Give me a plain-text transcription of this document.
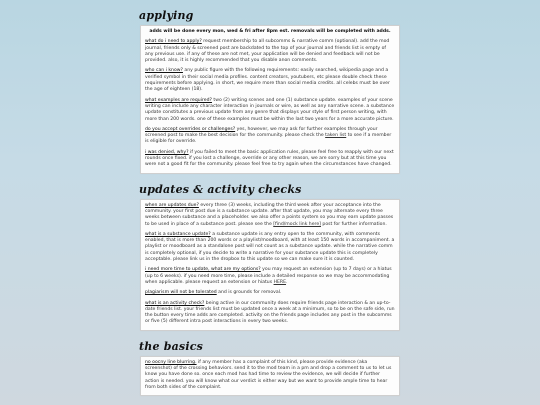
applying

adds will be done every mon, wed & fri after 8pm est. removals will be completed with adds.

what do i need to apply? request membership to all subcomms & narrative comm (optional). add the mod journal, friends only & screened post are backdated to the top of your journal and friends list is empty of any previous use. if any of these are not met, your application will be denied and feedback will not be provided. also, it is highly recommended that you disable anon comments.

who can i know? any public figure with the following requirements: easily searched, wikipedia page and a verified symbol in their social media profiles. content creators, youtubers, etc please double check these requirements before applying. in short, we require more than social media credits. all celebs must be over the age of eighteen (18).

what examples are required? two (2) writing scenes and one (1) substance update. examples of your scene writing can include any character interaction in journals or wire, as well as any narrative scene. a substance update constitutes a previous update from any genre that displays your style of first person writing, with more than 200 words. one of these examples must be within the last two years for a more accurate picture.

do you accept overrides or challenges? yes, however, we may ask for further examples through your screened post to make the best decision for the community. please check the taken list to see if a member is eligible for override.

i was denied, why? if you failed to meet the basic application rules, please feel free to reapply with our next rounds once fixed. if you lost a challenge, override or any other reason, we are sorry but at this time you were not a good fit for the community. please feel free to try again when the circumstances have changed.

updates & activity checks

when are updates due? every three (3) weeks, including the third week after your acceptance into the community. your first post due is a substance update. after that update, you may alternate every three weeks between substance and a placeholder. we also offer a points system so you may earn update passes to be used in place of a substance post. please see the [find/mock link here] post for further information.

what is a substance update? a substance update is any entry open to the community, with comments enabled, that is more than 200 words or a playlist/moodboard, with at least 150 words in accompaniment. a playlist or moodboard as a standalone post will not count as a substance update. while the narrative comm is completely optional, if you decide to write a narrative for your substance update this is completely acceptable. please link us in the dropbox to this update so we can make sure it is counted.

i need more time to update, what are my options? you may request an extension (up to 7 days) or a hiatus (up to 6 weeks). if you need more time, please include a detailed response so we may be accommodating when applicable. please request an extension or hiatus HERE.

plagiarism will not be tolerated and is grounds for removal.

what is an activity check? being active in our community does require friends page interaction & an up-to-date friends list. your friends list must be updated once a week at a minimum, so to be on the safe side, run the button every time adds are completed. activity on the friends page includes any post in the subcomms or five (5) different intra post interactions in every two weeks.

the basics

no oocny line blurring. if any member has a complaint of this kind, please provide evidence (aka screenshot) of the crossing behaviors. send it to the mod team in a pm and drop a comment to us to let us know you have done so. once each mod has had time to review the evidence, we will decide if further action is needed. you will know what our verdict is either way but we want to provide ample time to hear from both sides of the complaint.
